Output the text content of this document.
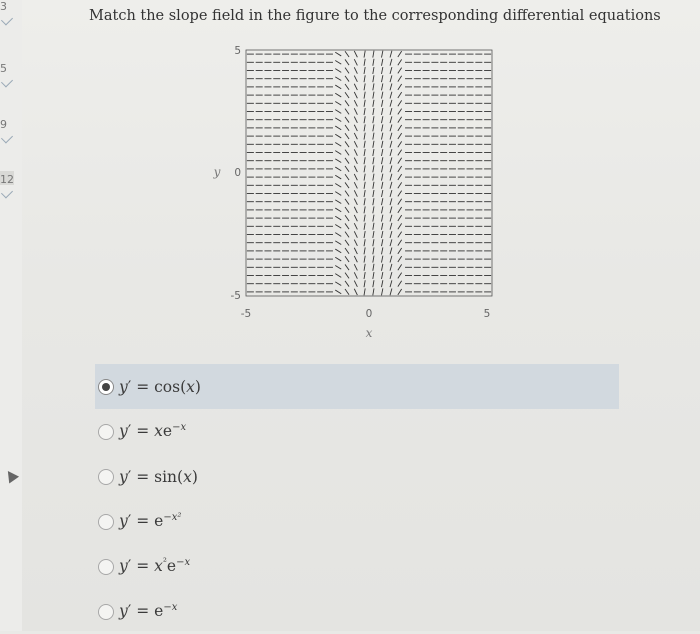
3
5
9
12
Match the slope field in the figure to the corresponding differential equations
5
0
-5
-5	0	5
x
y
y′ = cos(x)
$y' = xe^{-x}$
y′ = sin(x)
$y' = e^{-x^2}$
$y' = x^{^2}e^{-x}$
$y' = e^{-x}$
